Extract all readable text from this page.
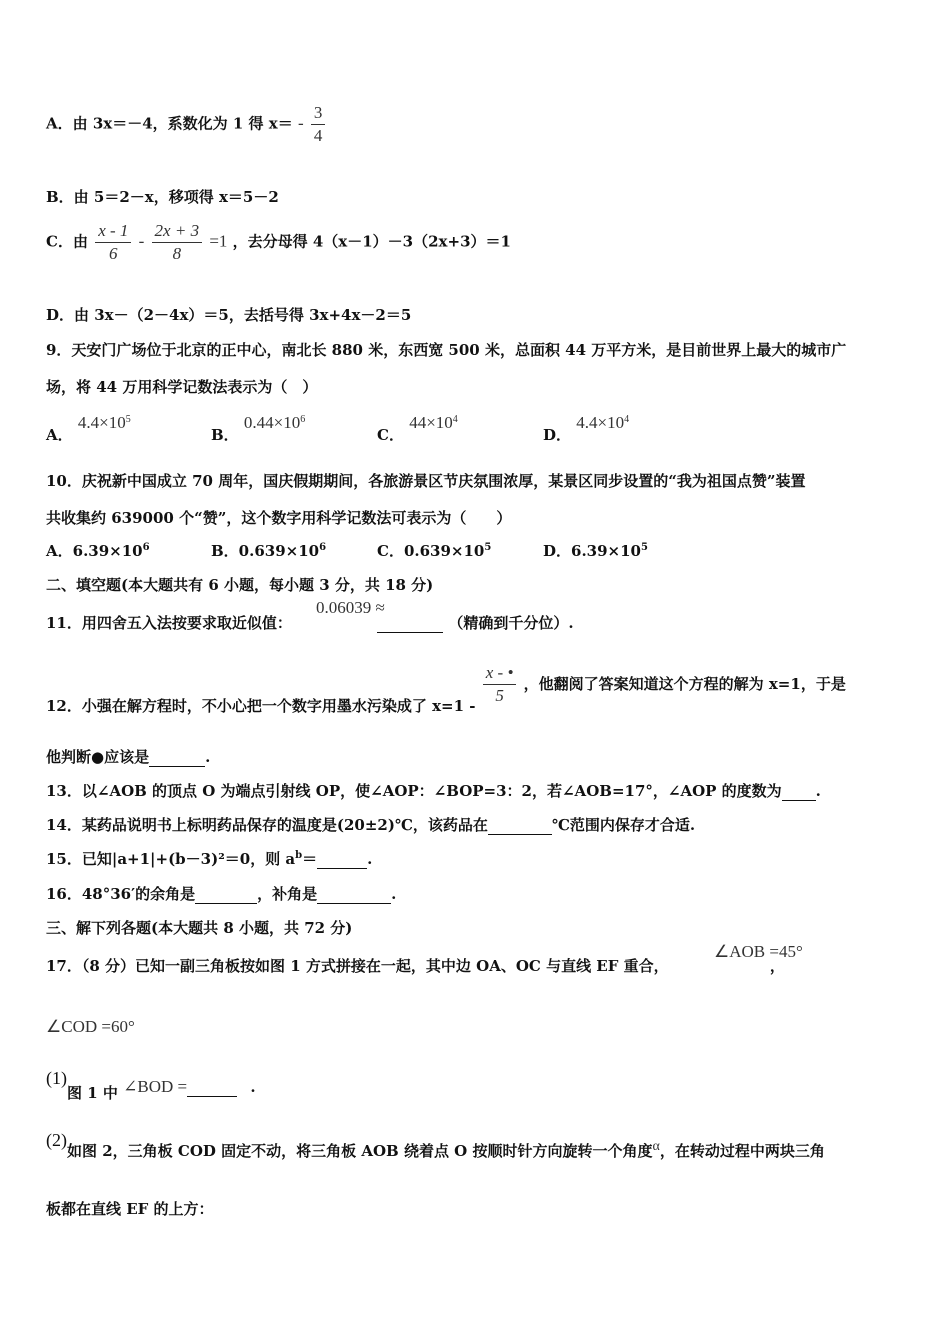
A．由 3x＝－4，系数化为 1 得 $x= - \frac{3}{4}$
B．由 5＝2－x，移项得 x＝5－2
C．由 $\frac{x - 1}{6} - \frac{2x + 3}{8} =1$ ，去分母得 4（x－1）－3（2x+3）＝1
D．由 3x－（2－4x）＝5，去括号得 3x+4x－2＝5
9．天安门广场位于北京的正中心，南北长 880 米，东西宽 500 米，总面积 44 万平方米，是目前世界上最大的城市广
场，将 44 万用科学记数法表示为（　）
A． $4.4\times 10^5$
B． $0.44\times 10^6$
C． $44\times 10^4$
D． $4.4\times 10^4$
10．庆祝新中国成立 70 周年，国庆假期期间，各旅游景区节庆氛围浓厚，某景区同步设置的“我为祖国点赞”装置
共收集约 639000 个“赞”，这个数字用科学记数法可表示为（　　）
A．$6.39\times 10^6$	B．$0.639\times 10^6$	C．$0.639\times 10^5$	D．$6.39\times 10^5$
二、填空题(本大题共有 6 小题，每小题 3 分，共 18 分)
0.06039 ≈
11．用四舍五入法按要求取近似值：	（精确到千分位）.
12．小强在解方程时，不小心把一个数字用墨水污染成了 $x=1 - \frac{x - •}{5}$ ，他翻阅了答案知道这个方程的解为 x=1，于是
他判断●应该是	.
13．以∠AOB 的顶点 O 为端点引射线 OP，使∠AOP：∠BOP=3：2，若∠AOB=17°，∠AOP 的度数为 .
14．某药品说明书上标明药品保存的温度是(20±2)℃，该药品在	℃范围内保存才合适.
15．已知|a+1|+(b－3)²＝0，则 $a^b=$	.
16．48°36′的余角是	，补角是	.
三、解下列各题(本大题共 8 小题，共 72 分)
∠AOB =45°
17．（8 分）已知一副三角板按如图 1 方式拼接在一起，其中边 OA、OC 与直线 EF 重合，	，
∠COD =60°
(1)图 1 中 ∠BOD =	.
(2)如图 2，三角板 COD 固定不动，将三角板 AOB 绕着点 O 按顺时针方向旋转一个角度α，在转动过程中两块三角
板都在直线 EF 的上方：
